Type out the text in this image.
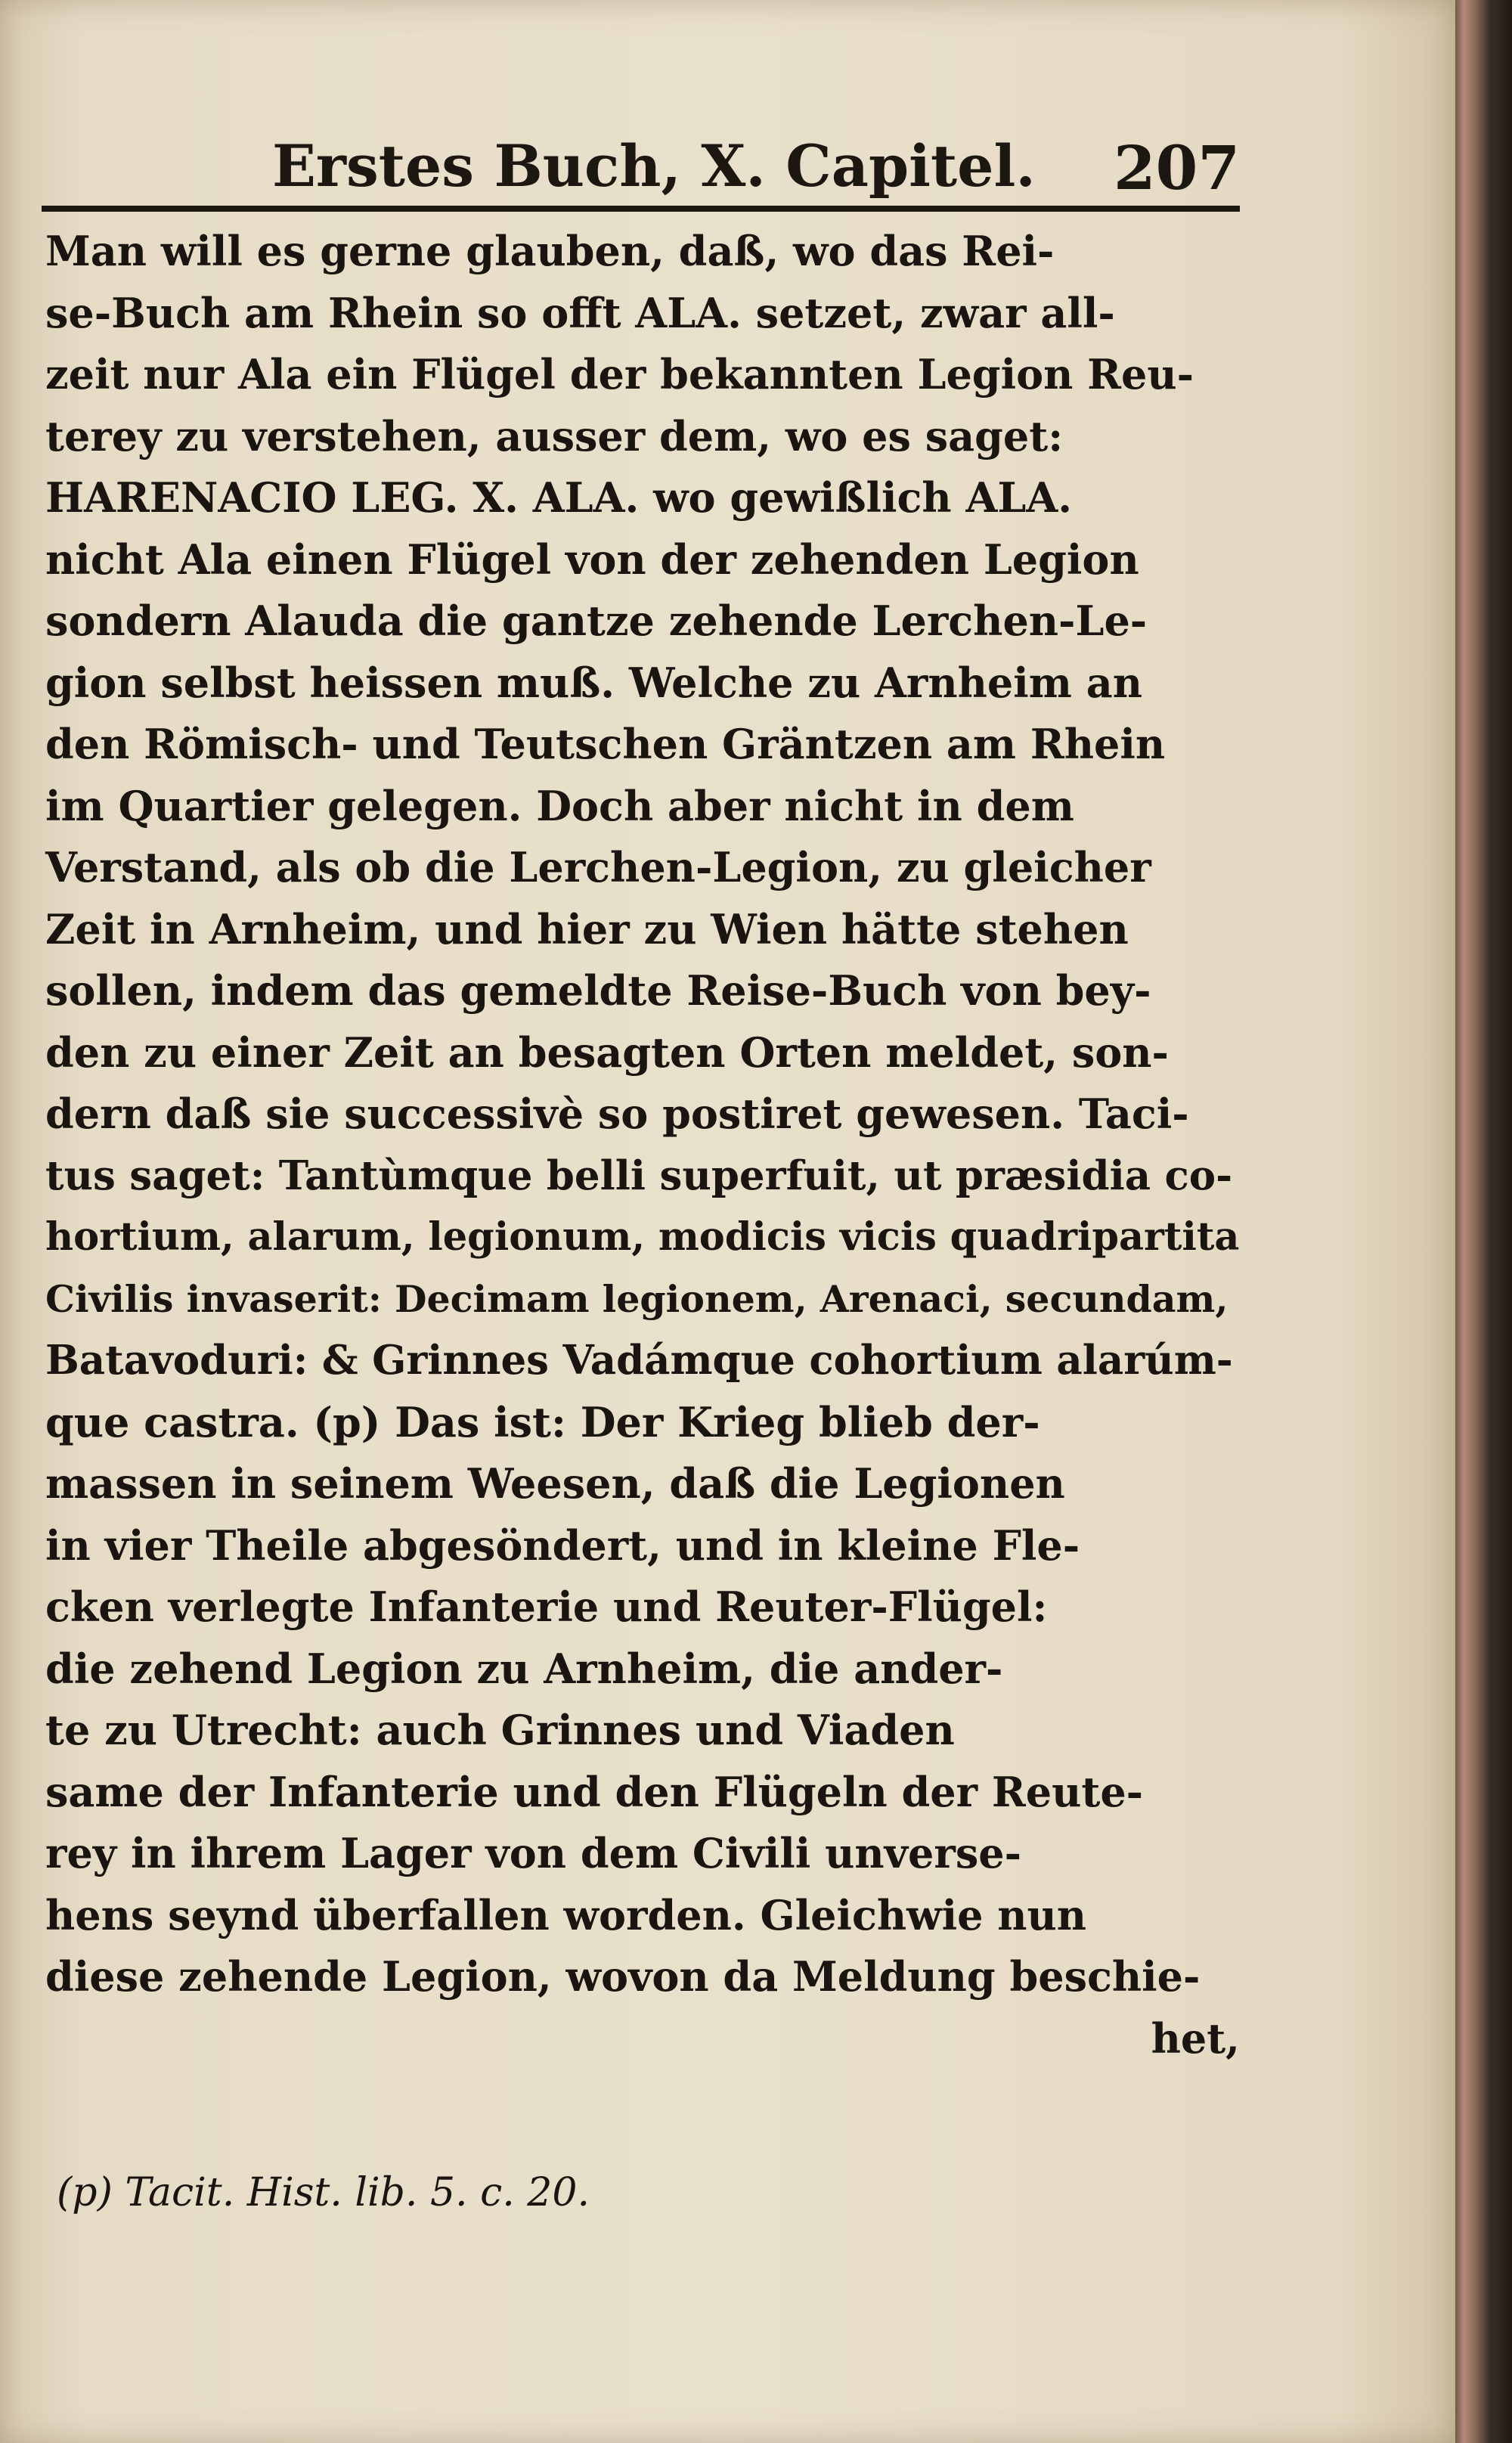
Erstes Buch, X. Capitel. 207
Man will es gerne glauben, daß, wo das Rei-
se-Buch am Rhein so offt ALA. setzet, zwar all-
zeit nur Ala ein Flügel der bekannten Legion Reu-
terey zu verstehen, ausser dem, wo es saget:
HARENACIO LEG. X. ALA. wo gewißlich ALA.
nicht Ala einen Flügel von der zehenden Legion
sondern Alauda die gantze zehende Lerchen-Le-
gion selbst heissen muß. Welche zu Arnheim an
den Römisch- und Teutschen Gräntzen am Rhein
im Quartier gelegen. Doch aber nicht in dem
Verstand, als ob die Lerchen-Legion, zu gleicher
Zeit in Arnheim, und hier zu Wien hätte stehen
sollen, indem das gemeldte Reise-Buch von bey-
den zu einer Zeit an besagten Orten meldet, son-
dern daß sie successivè so postiret gewesen. Taci-
tus saget: Tantùmque belli superfuit, ut præsidia co-
hortium, alarum, legionum, modicis vicis quadripartita
Civilis invaserit: Decimam legionem, Arenaci, secundam,
Batavoduri: & Grinnes Vadámque cohortium alarúm-
que castra. (p) Das ist: Der Krieg blieb der-
massen in seinem Weesen, daß die Legionen
in vier Theile abgesöndert, und in kleine Fle-
cken verlegte Infanterie und Reuter-Flügel:
die zehend Legion zu Arnheim, die ander-
te zu Utrecht: auch Grinnes und Viaden
same der Infanterie und den Flügeln der Reute-
rey in ihrem Lager von dem Civili unverse-
hens seynd überfallen worden. Gleichwie nun
diese zehende Legion, wovon da Meldung beschie-
het,
(p) Tacit. Hist. lib. 5. c. 20.
